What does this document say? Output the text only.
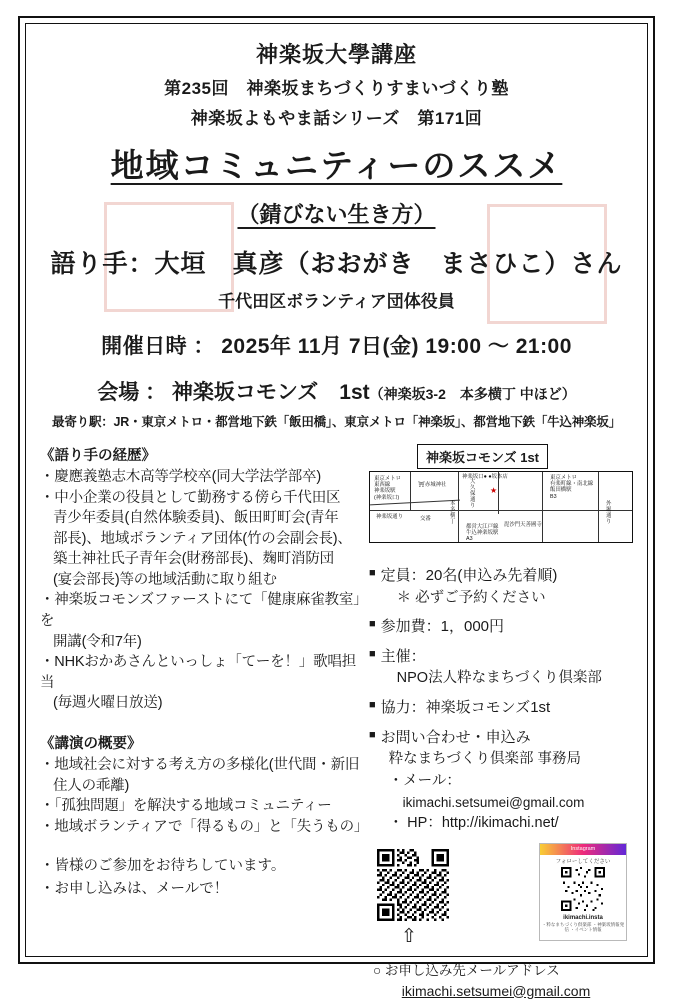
神楽坂大學講座
第235回　神楽坂まちづくりすまいづくり塾
神楽坂よもやま話シリーズ　第171回
地域コミュニティーのススメ
（錆びない生き方）
語り手：大垣　真彦（おおがき　まさひこ）さん
千代田区ボランティア団体役員
開催日時 ： 2025年 11月 7日(金) 19:00 ～ 21:00
会場 ： 神楽坂コモンズ　1st（神楽坂3-2　本多横丁 中ほど）
最寄り駅：JR・東京メトロ・都営地下鉄「飯田橋」、東京メトロ「神楽坂」、都営地下鉄「牛込神楽坂」
《語り手の経歴》
・慶應義塾志木高等学校卒(同大学法学部卒)
・中小企業の役員として勤務する傍ら千代田区
青少年委員(自然体験委員)、飯田町町会(青年
部長)、地域ボランティア団体(竹の会副会長)、
築土神社氏子青年会(財務部長)、麹町消防団
(宴会部長)等の地域活動に取り組む
・神楽坂コモンズファーストにて「健康麻雀教室」を
開講(令和7年)
・NHKおかあさんといっしょ「てーを！」歌唱担当
(毎週火曜日放送)
《講演の概要》
・地域社会に対する考え方の多様化(世代間・新旧
住人の乖離)
・「孤独問題」を解決する地域コミュニティー
・地域ボランティアで「得るもの」と「失うもの」
・皆様のご参加をお待ちしています。
・お申し込みは、メールで！
神楽坂コモンズ 1st
東京メトロ
東西線
神楽坂駅
(神楽坂口)
⛩赤城神社
交番
神楽坂口● ●坂本店
毘沙門天善國寺
神楽坂通り
都営大江戸線
牛込神楽坂駅
A3
東京メトロ
有楽町線・南北線
飯田橋駅
B3
外堀通り
大久保通り
本多横丁
★
■ 定員：20名(申込み先着順)
＊ 必ずご予約ください
■ 参加費：1，000円
■ 主催：
NPO法人粋なまちづくり倶楽部
■ 協力：神楽坂コモンズ1st
■ お問い合わせ・申込み
粋なまちづくり倶楽部 事務局
・メール：
ikimachi.setsumei@gmail.com
・ HP：http://ikimachi.net/
Instagram
フォローしてください
ikimachi.insta
・粋なまちづくり倶楽部 ・神楽坂情報発信 ・イベント情報
⇧
○ お申し込み先メールアドレス
ikimachi.setsumei@gmail.com
